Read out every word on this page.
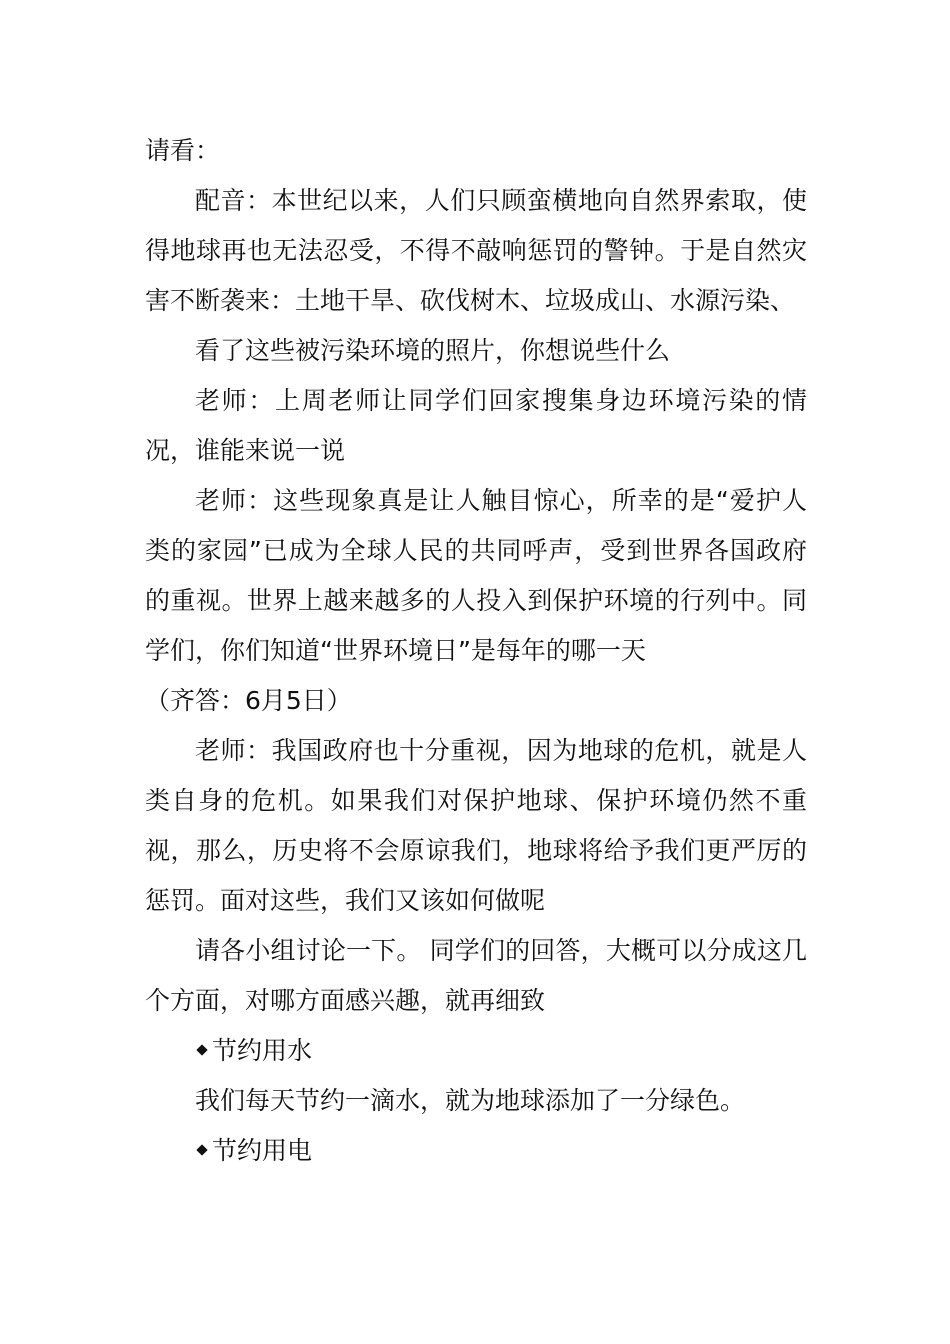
请看：

配音：本世纪以来，人们只顾蛮横地向自然界索取，使得地球再也无法忍受，不得不敲响惩罚的警钟。于是自然灾害不断袭来：土地干旱、砍伐树木、垃圾成山、水源污染、

看了这些被污染环境的照片，你想说些什么

老师：上周老师让同学们回家搜集身边环境污染的情况，谁能来说一说

老师：这些现象真是让人触目惊心，所幸的是“爱护人类的家园”已成为全球人民的共同呼声，受到世界各国政府的重视。世界上越来越多的人投入到保护环境的行列中。同学们，你们知道“世界环境日”是每年的哪一天

（齐答：6月5日）

老师：我国政府也十分重视，因为地球的危机，就是人类自身的危机。如果我们对保护地球、保护环境仍然不重视，那么，历史将不会原谅我们，地球将给予我们更严厉的惩罚。面对这些，我们又该如何做呢

请各小组讨论一下。 同学们的回答，大概可以分成这几个方面，对哪方面感兴趣，就再细致

节约用水

我们每天节约一滴水，就为地球添加了一分绿色。

节约用电
